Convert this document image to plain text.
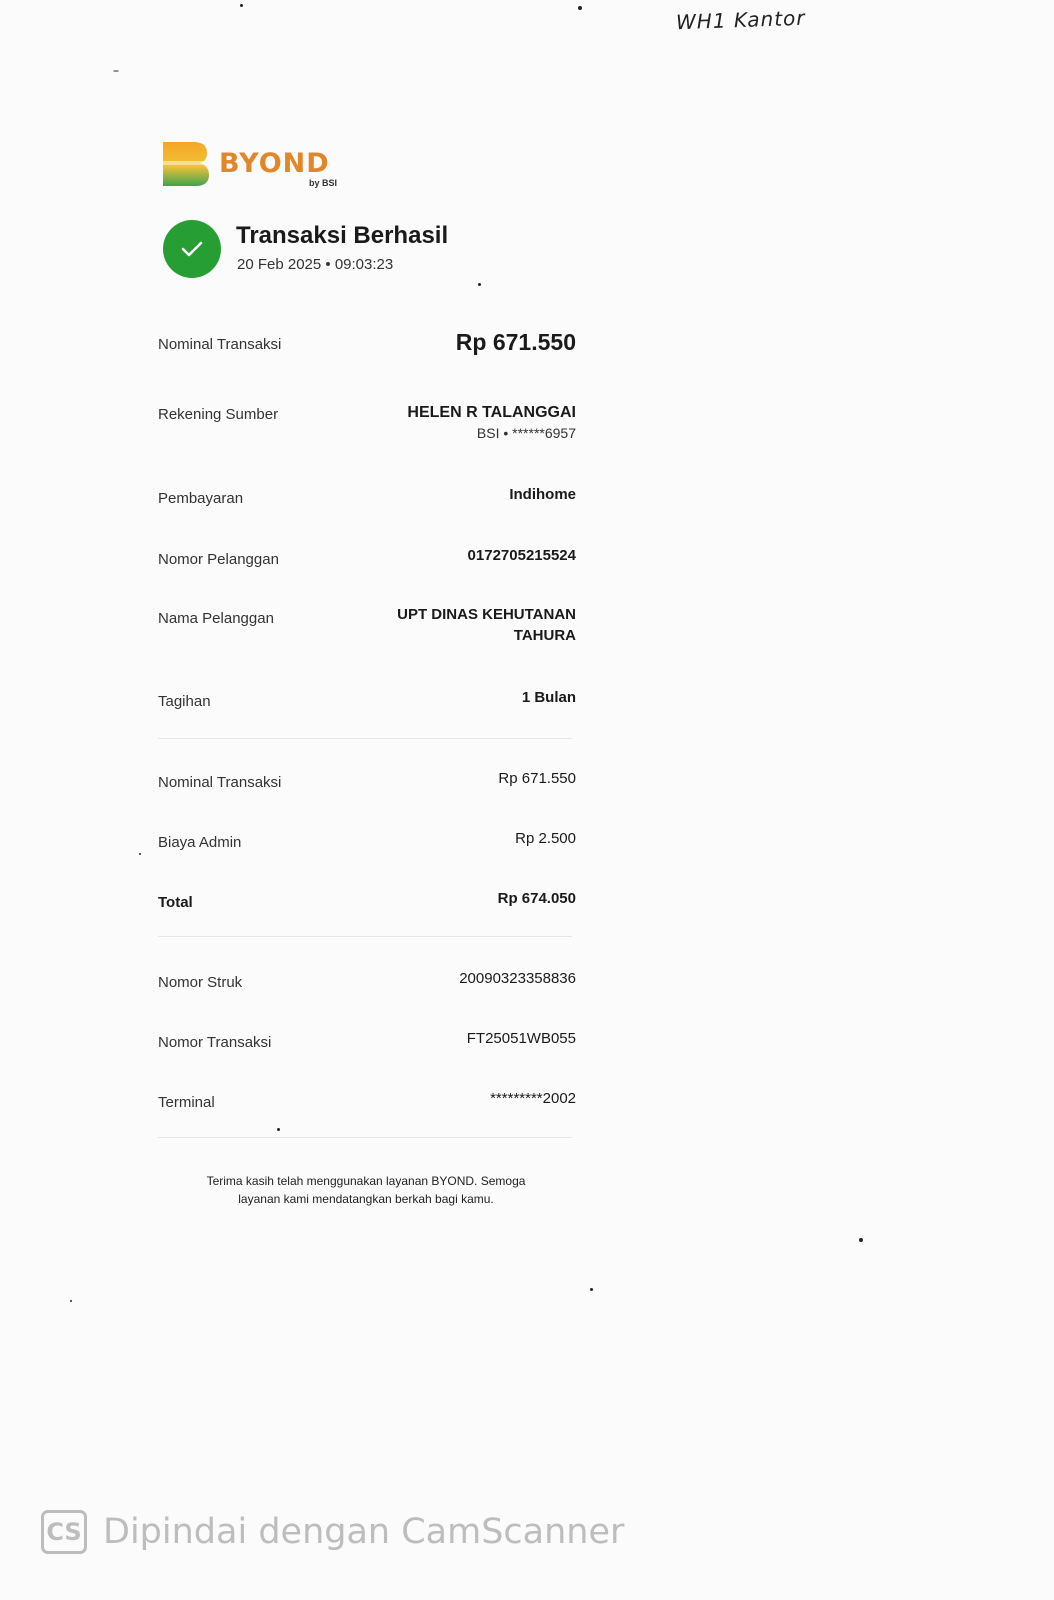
WH1 Kantor
BYOND
by BSI
Transaksi Berhasil
20 Feb 2025 • 09:03:23
Nominal Transaksi	Rp 671.550
Rekening Sumber	HELEN R TALANGGAI
BSI • ******6957
Pembayaran	Indihome
Nomor Pelanggan	0172705215524
Nama Pelanggan	UPT DINAS KEHUTANAN
TAHURA
Tagihan	1 Bulan
Nominal Transaksi	Rp 671.550
Biaya Admin	Rp 2.500
Total	Rp 674.050
Nomor Struk	20090323358836
Nomor Transaksi	FT25051WB055
Terminal	*********2002
Terima kasih telah menggunakan layanan BYOND. Semoga
layanan kami mendatangkan berkah bagi kamu.
CS Dipindai dengan CamScanner
